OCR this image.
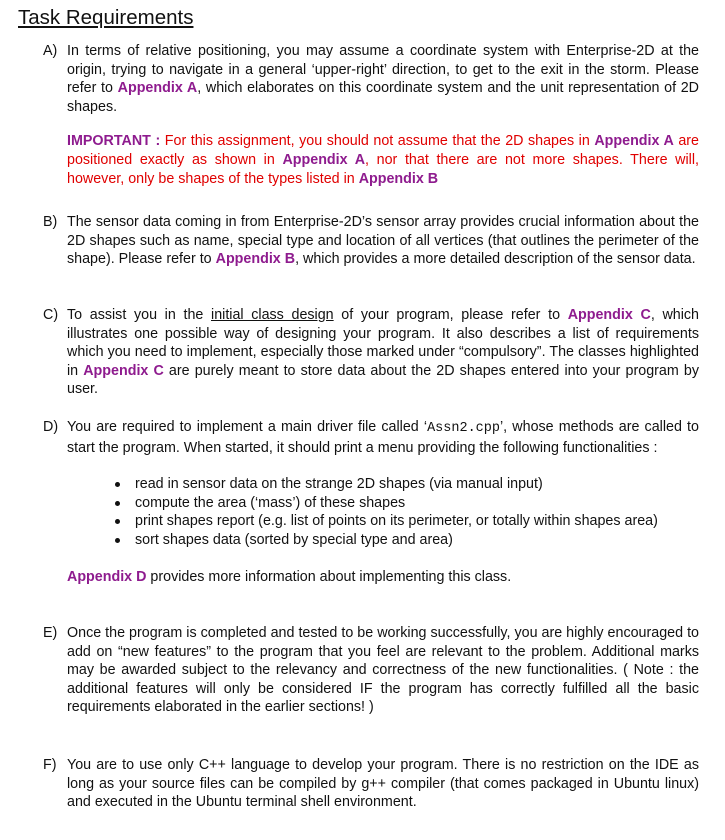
Task Requirements
A) In terms of relative positioning, you may assume a coordinate system with Enterprise-2D at the origin, trying to navigate in a general ‘upper-right’ direction, to get to the exit in the storm. Please refer to Appendix A, which elaborates on this coordinate system and the unit representation of 2D shapes.
IMPORTANT : For this assignment, you should not assume that the 2D shapes in Appendix A are positioned exactly as shown in Appendix A, nor that there are not more shapes. There will, however, only be shapes of the types listed in Appendix B
B) The sensor data coming in from Enterprise-2D’s sensor array provides crucial information about the 2D shapes such as name, special type and location of all vertices (that outlines the perimeter of the shape). Please refer to Appendix B, which provides a more detailed description of the sensor data.
C) To assist you in the initial class design of your program, please refer to Appendix C, which illustrates one possible way of designing your program. It also describes a list of requirements which you need to implement, especially those marked under “compulsory”. The classes highlighted in Appendix C are purely meant to store data about the 2D shapes entered into your program by user.
D) You are required to implement a main driver file called ‘Assn2.cpp’, whose methods are called to start the program. When started, it should print a menu providing the following functionalities :
read in sensor data on the strange 2D shapes (via manual input)
compute the area (‘mass’) of these shapes
print shapes report (e.g. list of points on its perimeter, or totally within shapes area)
sort shapes data (sorted by special type and area)
Appendix D provides more information about implementing this class.
E) Once the program is completed and tested to be working successfully, you are highly encouraged to add on “new features” to the program that you feel are relevant to the problem. Additional marks may be awarded subject to the relevancy and correctness of the new functionalities. ( Note : the additional features will only be considered IF the program has correctly fulfilled all the basic requirements elaborated in the earlier sections! )
F) You are to use only C++ language to develop your program. There is no restriction on the IDE as long as your source files can be compiled by g++ compiler (that comes packaged in Ubuntu linux) and executed in the Ubuntu terminal shell environment.
